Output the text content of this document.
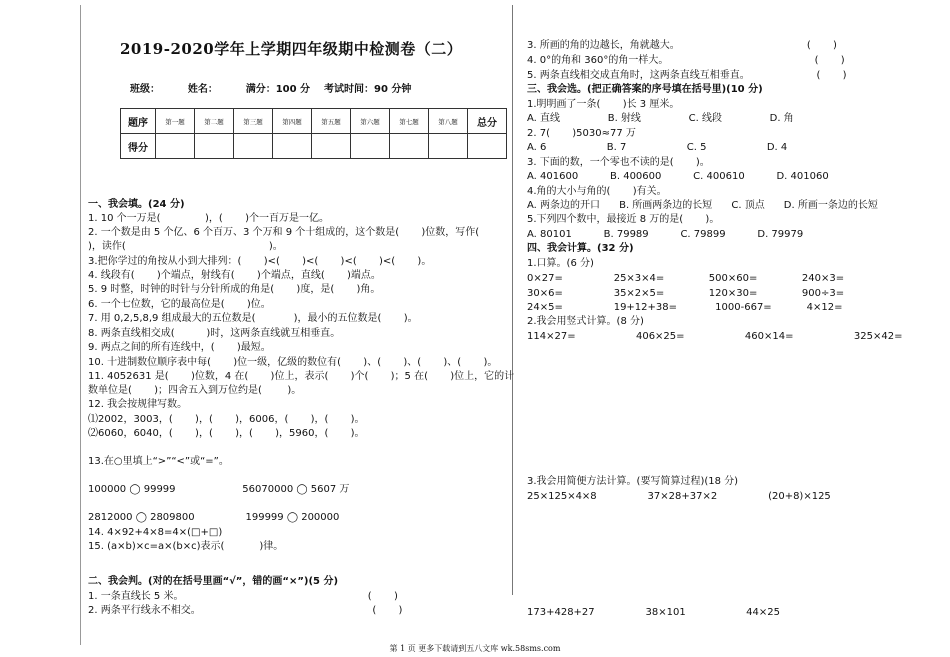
2019-2020学年上学期四年级期中检测卷（二）
班级：        姓名：        满分：100 分    考试时间：90 分钟
题序	第一题	第二题	第三题	第四题	第五题	第六题	第七题	第八题	总分
得分									
一、我会填。(24 分)
1. 10 个一万是(              )，(       )个一百万是一亿。
2. 一个数是由 5 个亿、6 个百万、3 个万和 9 个十组成的，这个数是(       )位数，写作(
)，读作(                                             )。
3.把你学过的角按从小到大排列：(       )<(       )<(       )<(       )<(       )。
4. 线段有(       )个端点，射线有(       )个端点，直线(       )端点。
5. 9 时整，时钟的时针与分针所成的角是(       )度，是(       )角。
6. 一个七位数，它的最高位是(       )位。
7. 用 0,2,5,8,9 组成最大的五位数是(            )，最小的五位数是(       )。
8. 两条直线相交成(          )时，这两条直线就互相垂直。
9. 两点之间的所有连线中，(       )最短。
10. 十进制数位顺序表中每(       )位一级，亿级的数位有(       )、(       )、(       )、(       )。
11. 4052631 是(       )位数，4 在(       )位上，表示(       )个(       )；5 在(       )位上，它的计
数单位是(       )；四舍五入到万位约是(        )。
12. 我会按规律写数。
⑴2002，3003，(       )，(       )，6006，(       )，(       )。
⑵6060，6040，(       )，(       )，(       )，5960，(       )。
13.在○里填上“>”“<”或“=”。
100000 ◯ 99999                     56070000 ◯ 5607 万
2812000 ◯ 2809800                199999 ◯ 200000
14. 4×92+4×8=4×(□+□)
15. (a×b)×c=a×(b×c)表示(           )律。
二、我会判。(对的在括号里画“√”，错的画“×”)(5 分)
1. 一条直线长 5 米。                                                          (       )
2. 两条平行线永不相交。                                                      (       )
3. 所画的角的边越长，角就越大。                                        (       )
4. 0°的角和 360°的角一样大。                                              (       )
5. 两条直线相交成直角时，这两条直线互相垂直。                     (       )
三、我会选。(把正确答案的序号填在括号里)(10 分)
1.明明画了一条(       )长 3 厘米。
A. 直线               B. 射线               C. 线段               D. 角
2. 7(       )5030≈77 万
A. 6                   B. 7                   C. 5                   D. 4
3. 下面的数，一个零也不读的是(       )。
A. 401600          B. 400600          C. 400610          D. 401060
4.角的大小与角的(       )有关。
A. 两条边的开口      B. 所画两条边的长短      C. 顶点      D. 所画一条边的长短
5.下列四个数中，最接近 8 万的是(       )。
A. 80101          B. 79989          C. 79899          D. 79979
四、我会计算。(32 分)
1.口算。(6 分)
0×27=                25×3×4=              500×60=              240×3=
30×6=                35×2×5=              120×30=              900÷3=
24×5=                19+12+38=            1000-667=           4×12=
2.我会用竖式计算。(8 分)
114×27=                   406×25=                   460×14=                   325×42=
3.我会用简便方法计算。(要写简算过程)(18 分)
25×125×4×8                37×28+37×2                (20+8)×125
173+428+27                38×101                   44×25
第 1 页 更多下载请到五八文库 wk.58sms.com
